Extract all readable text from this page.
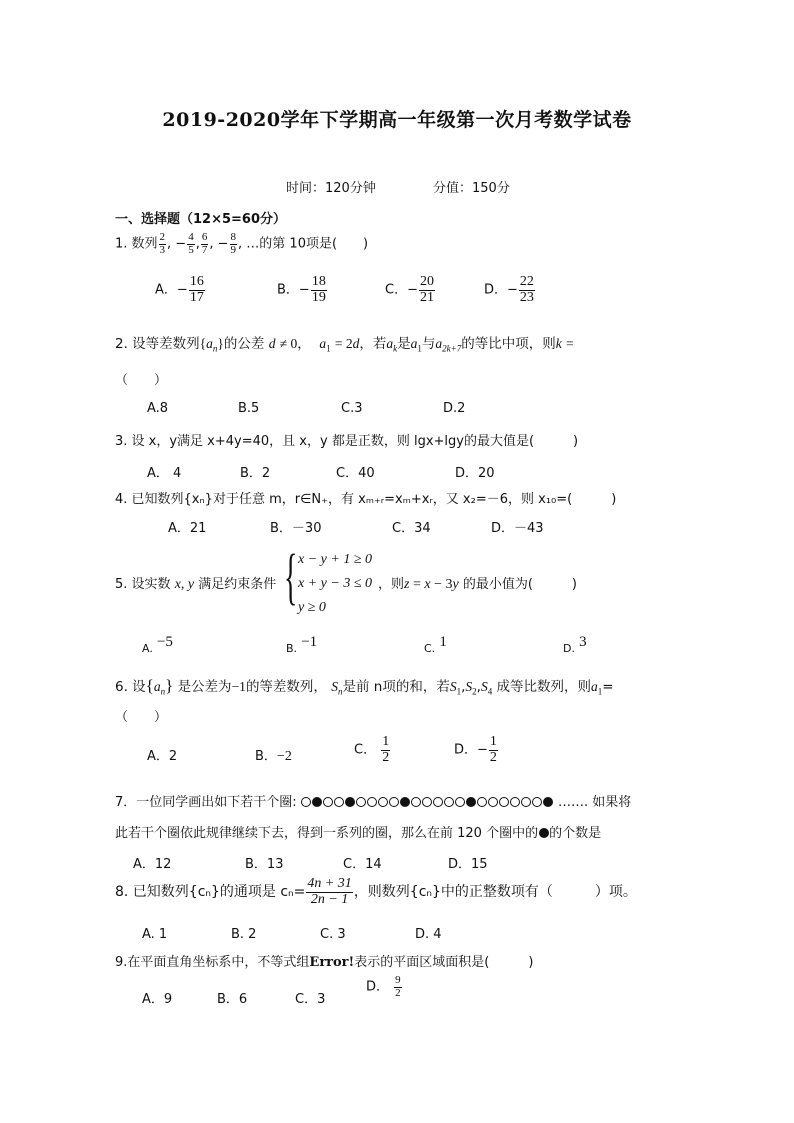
2019-2020学年下学期高一年级第一次月考数学试卷
时间：120分钟	分值：150分
一、选择题（12×5=60分）
1. 数列 $\frac{2}{3}$ , − $\frac{4}{5}$ , $\frac{6}{7}$ , − $\frac{8}{9}$ , …的第 10项是(　　)
A．− $\frac{16}{17}$	B．− $\frac{18}{19}$	C．− $\frac{20}{21}$	D．− $\frac{22}{23}$
2. 设等差数列$\{a_n\}$的公差 d ≠ 0， $a_1 = 2d$，若$a_k$是$a_1$与$a_{2k+7}$的等比中项，则k =
（　　）
A.8	B.5	C.3	D.2
3. 设 x，y满足 x+4y=40，且 x，y 都是正数，则 lgx+lgy的最大值是(　　　)
A． 4	B．2	C．40	D．20
4. 已知数列{xₙ}对于任意 m，r∈N₊，有 xₘ₊ᵣ=xₘ+xᵣ，又 x₂=－6，则 x₁₀=(　　　)
A．21	B．－30	C．34	D．－43
5. 设实数 x, y 满足约束条件 { x − y + 1 ≥ 0
x + y − 3 ≤ 0
y ≥ 0
，则z = x − 3y 的最小值为(　　　)
A. −5	B. −1	C. 1	D. 3
6. 设$\{a_n\}$ 是公差为−1的等差数列， $S_n$是前 n项的和，若$S_1,S_2,S_4$ 成等比数列，则$a_1=$
（　　）
A．2	B．−2	C． $\frac{1}{2}$	D．− $\frac{1}{2}$
7．一位同学画出如下若干个圈:	……. 如果将
此若干个圈依此规律继续下去，得到一系列的圈，那么在前 120 个圈中的 的个数是
A．12	B．13	C．14	D．15
8. 已知数列{cₙ}的通项是 $c_n= \frac{4n + 31}{2n - 1}$ ，则数列{cₙ}中的正整数项有（　　　）项。
A. 1	B. 2	C. 3	D. 4
9.在平面直角坐标系中，不等式组Error!表示的平面区域面积是(　　　)
A．9	B．6	C．3
D． $\frac{9}{2}$
